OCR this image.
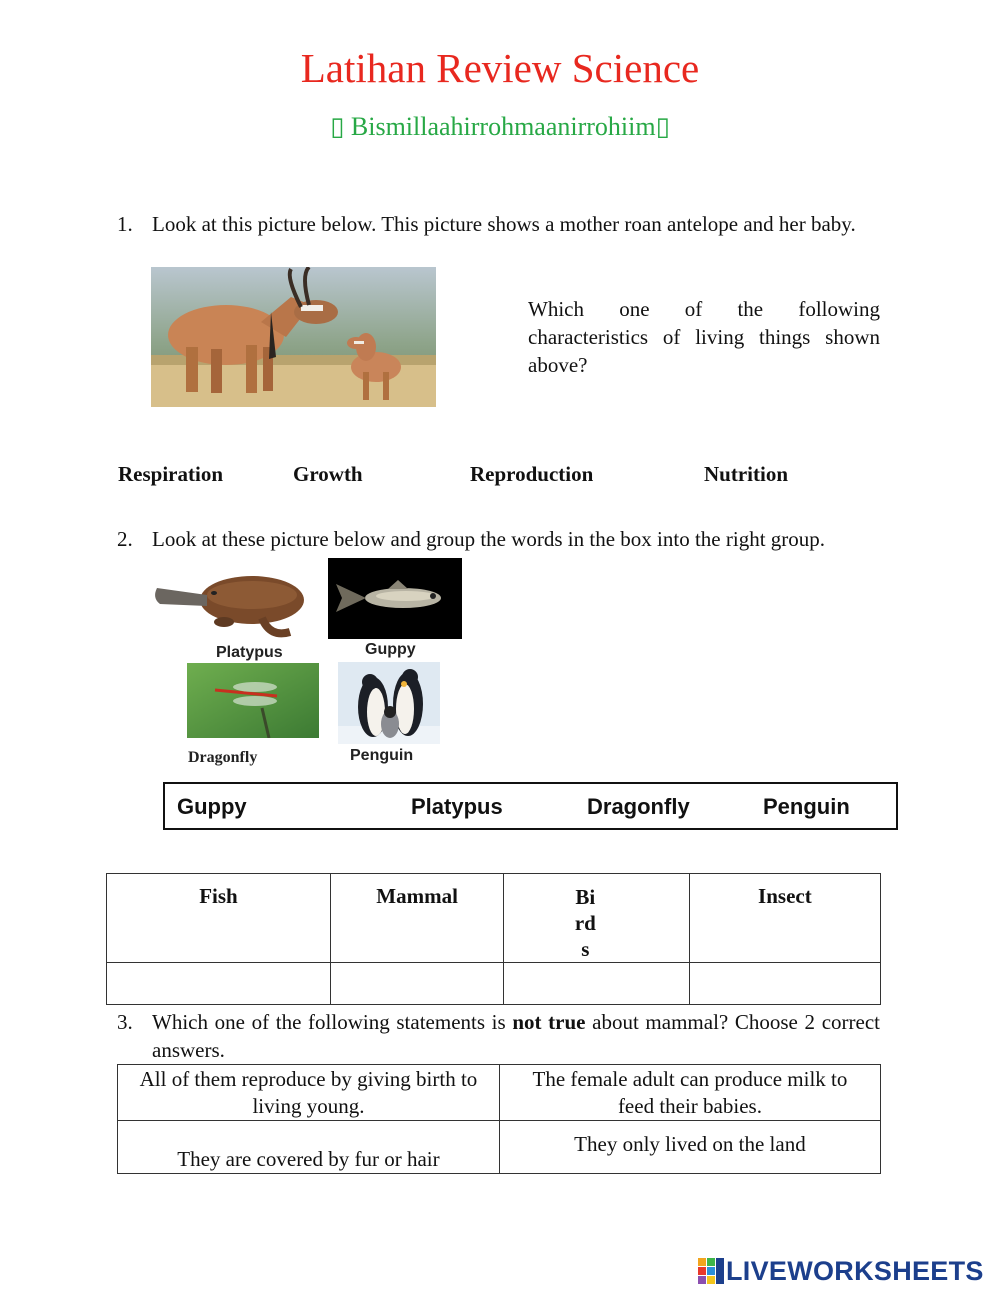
Latihan Review Science
▯ Bismillaahirrohmaanirrohiim▯
1. Look at this picture below. This picture shows a mother roan antelope and her baby.
Which one of the following characteristics of living things shown above?
Respiration	Growth	Reproduction	Nutrition
2. Look at these picture below and group the words in the box into the right group.
Platypus	Guppy
Dragonfly	Penguin
Guppy	Platypus	Dragonfly	Penguin
Fish	Mammal	Bird s	Insect

3. Which one of the following statements is not true about mammal? Choose 2 correct answers.
All of them reproduce by giving birth to living young.	The female adult can produce milk to feed their babies.
They are covered by fur or hair	They only lived on the land
LIVEWORKSHEETS
